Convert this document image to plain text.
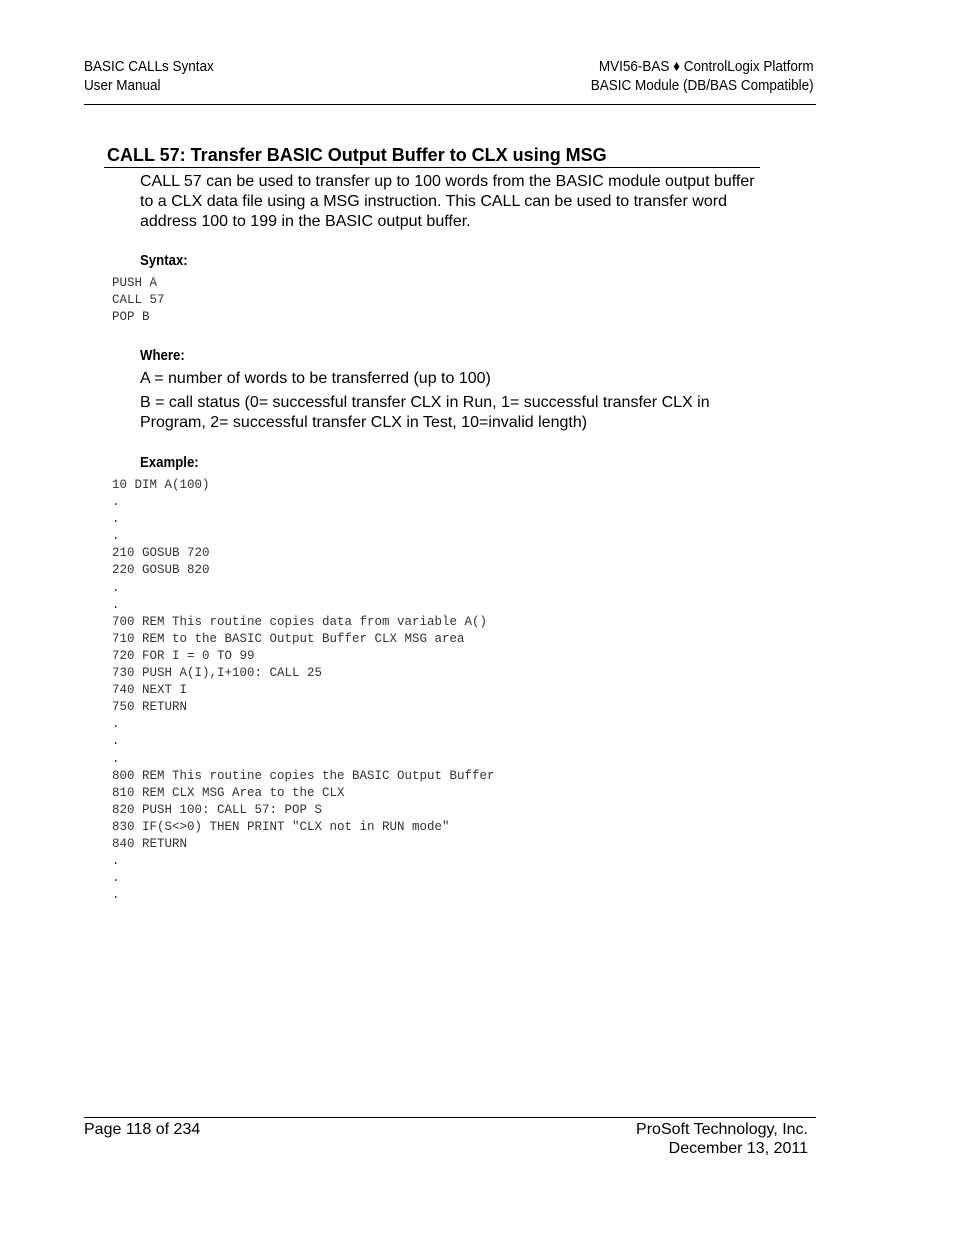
BASIC CALLs Syntax
User Manual
MVI56-BAS ♦ ControlLogix Platform
BASIC Module (DB/BAS Compatible)
CALL 57: Transfer BASIC Output Buffer to CLX using MSG
CALL 57 can be used to transfer up to 100 words from the BASIC module output buffer to a CLX data file using a MSG instruction. This CALL can be used to transfer word address 100 to 199 in the BASIC output buffer.
Syntax:
PUSH A
CALL 57
POP B
Where:
A = number of words to be transferred (up to 100)
B = call status (0= successful transfer CLX in Run, 1= successful transfer CLX in Program, 2= successful transfer CLX in Test, 10=invalid length)
Example:
10 DIM A(100)
.
.
.
210 GOSUB 720
220 GOSUB 820
.
.
700 REM This routine copies data from variable A()
710 REM to the BASIC Output Buffer CLX MSG area
720 FOR I = 0 TO 99
730 PUSH A(I),I+100: CALL 25
740 NEXT I
750 RETURN
.
.
.
800 REM This routine copies the BASIC Output Buffer
810 REM CLX MSG Area to the CLX
820 PUSH 100: CALL 57: POP S
830 IF(S<>0) THEN PRINT "CLX not in RUN mode"
840 RETURN
.
.
.
Page 118 of 234	ProSoft Technology, Inc.
December 13, 2011
